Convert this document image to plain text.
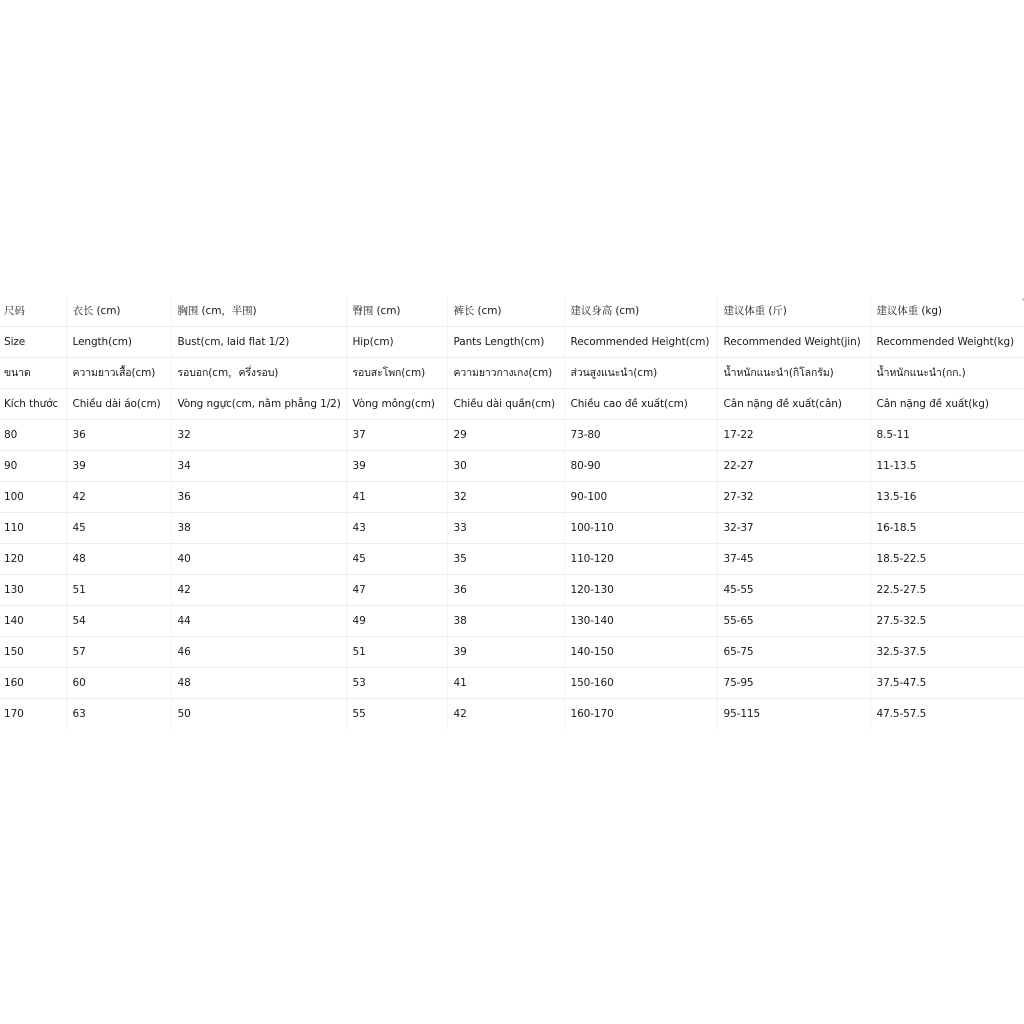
尺码	衣长 (cm)	胸围 (cm，半围)	臀围 (cm)	裤长 (cm)	建议身高 (cm)	建议体重 (斤)	建议体重 (kg)
Size	Length(cm)	Bust(cm, laid flat 1/2)	Hip(cm)	Pants Length(cm)	Recommended Height(cm)	Recommended Weight(jin)	Recommended Weight(kg)
ขนาด	ความยาวเสื้อ(cm)	รอบอก(cm，ครึ่งรอบ)	รอบสะโพก(cm)	ความยาวกางเกง(cm)	ส่วนสูงแนะนำ(cm)	น้ำหนักแนะนำ(กิโลกรัม)	น้ำหนักแนะนำ(กก.)
Kích thước	Chiều dài áo(cm)	Vòng ngực(cm, nằm phẳng 1/2)	Vòng mông(cm)	Chiều dài quần(cm)	Chiều cao đề xuất(cm)	Cân nặng đề xuất(cân)	Cân nặng đề xuất(kg)
80	36	32	37	29	73-80	17-22	8.5-11
90	39	34	39	30	80-90	22-27	11-13.5
100	42	36	41	32	90-100	27-32	13.5-16
110	45	38	43	33	100-110	32-37	16-18.5
120	48	40	45	35	110-120	37-45	18.5-22.5
130	51	42	47	36	120-130	45-55	22.5-27.5
140	54	44	49	38	130-140	55-65	27.5-32.5
150	57	46	51	39	140-150	65-75	32.5-37.5
160	60	48	53	41	150-160	75-95	37.5-47.5
170	63	50	55	42	160-170	95-115	47.5-57.5
